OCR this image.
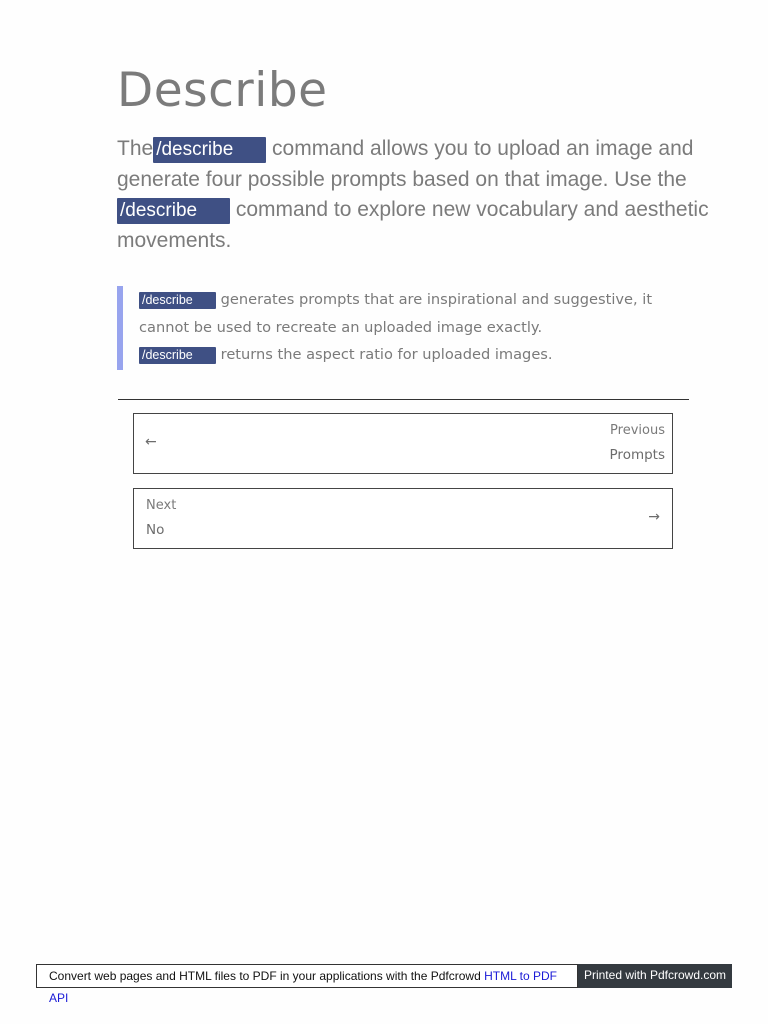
Describe

The /describe command allows you to upload an image and generate four possible prompts based on that image. Use the /describe command to explore new vocabulary and aesthetic movements.

/describe generates prompts that are inspirational and suggestive, it cannot be used to recreate an uploaded image exactly.

/describe returns the aspect ratio for uploaded images.

←
Previous
Prompts
Next
No
→
Convert web pages and HTML files to PDF in your applications with the Pdfcrowd HTML to PDF API
Printed with Pdfcrowd.com
